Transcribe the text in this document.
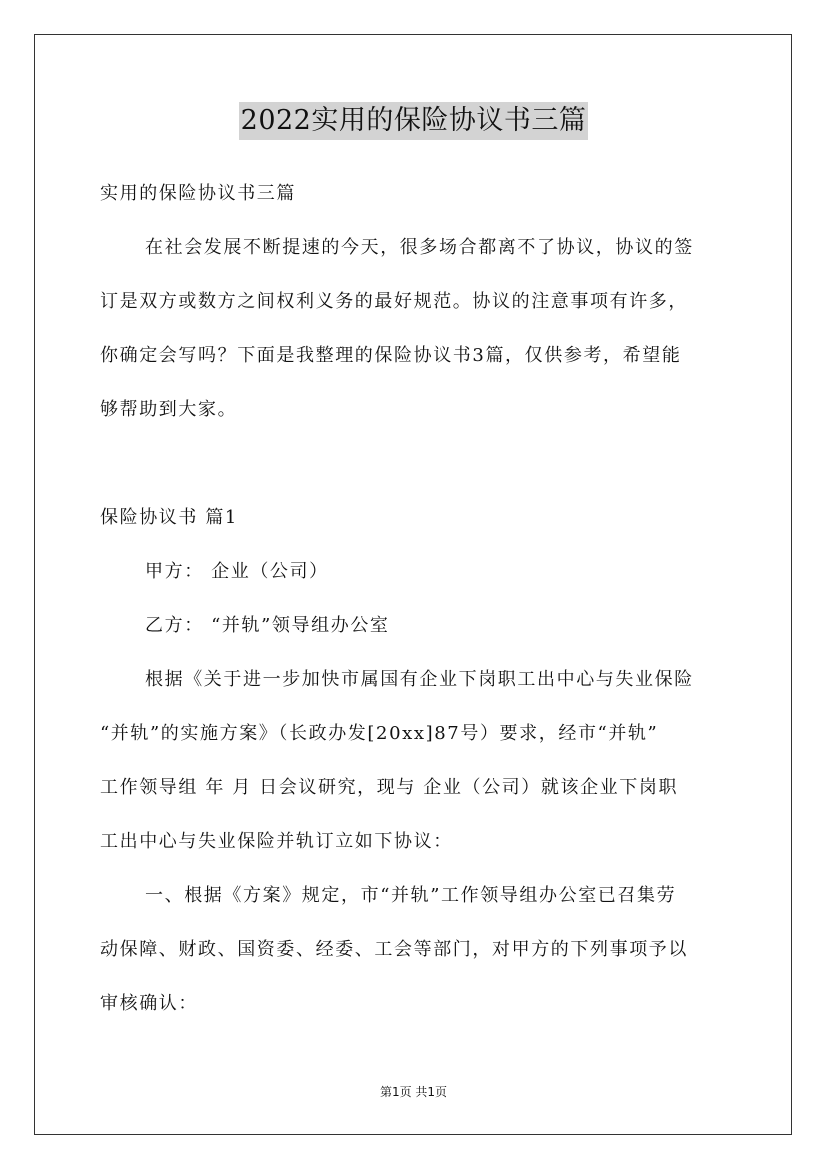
2022实用的保险协议书三篇
实用的保险协议书三篇
在社会发展不断提速的今天，很多场合都离不了协议，协议的签
订是双方或数方之间权利义务的最好规范。协议的注意事项有许多，
你确定会写吗？下面是我整理的保险协议书3篇，仅供参考，希望能
够帮助到大家。
保险协议书 篇1
甲方： 企业（公司）
乙方： “并轨”领导组办公室
根据《关于进一步加快市属国有企业下岗职工出中心与失业保险
“并轨”的实施方案》（长政办发[20xx]87号）要求，经市“并轨”
工作领导组 年 月 日会议研究，现与 企业（公司）就该企业下岗职
工出中心与失业保险并轨订立如下协议：
一、根据《方案》规定，市“并轨”工作领导组办公室已召集劳
动保障、财政、国资委、经委、工会等部门，对甲方的下列事项予以
审核确认：
第1页 共1页
